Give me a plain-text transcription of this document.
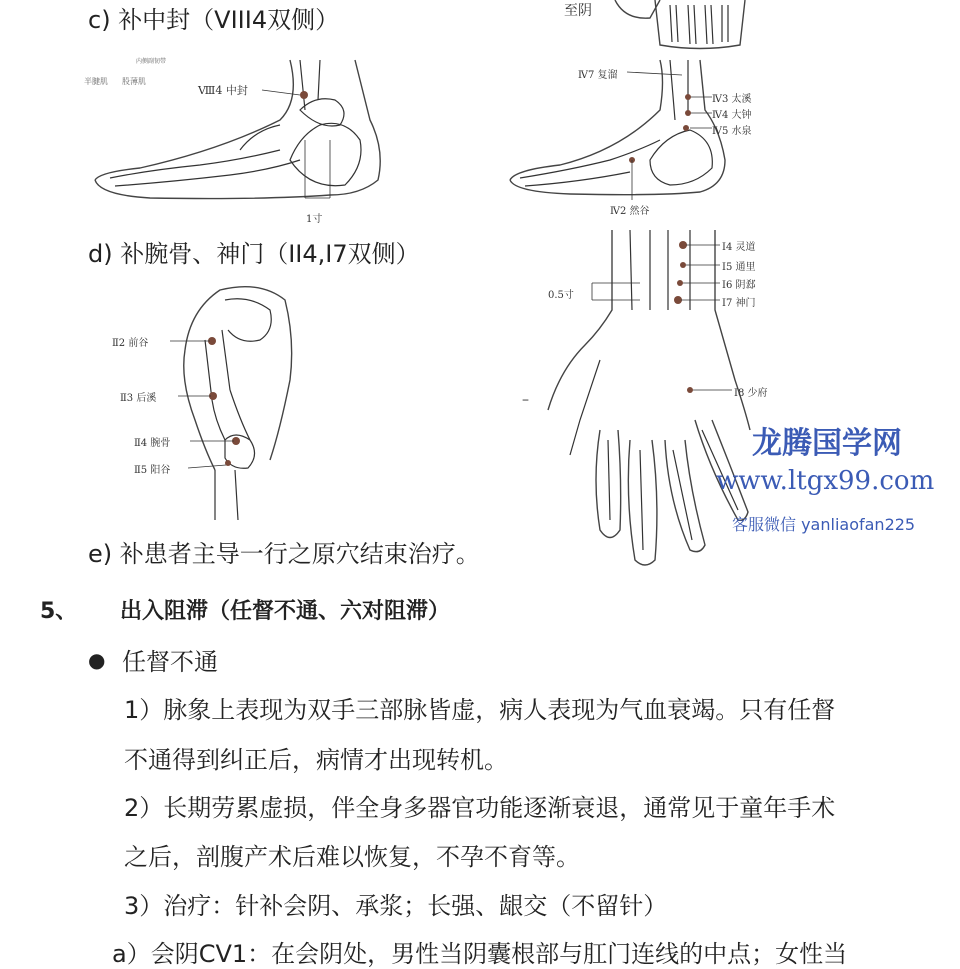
至阴
c) 补中封（VIII4双侧）
半腱肌 股薄肌
内侧副韧带
Ⅷ4 中封
1寸
Ⅳ7 复溜
Ⅳ3 太溪
Ⅳ4 大钟
Ⅳ5 水泉
Ⅳ2 然谷
d) 补腕骨、神门（II4,I7双侧）
Ⅱ2 前谷
Ⅱ3 后溪
Ⅱ4 腕骨
Ⅱ5 阳谷
Ⅰ4 灵道
Ⅰ5 通里
Ⅰ6 阴郄
Ⅰ7 神门
0.5寸
Ⅰ8 少府
–
龙腾国学网
www.ltgx99.com
客服微信 yanliaofan225
e) 补患者主导一行之原穴结束治疗。
5、 出入阻滞（任督不通、六对阻滞）
● 任督不通
1）脉象上表现为双手三部脉皆虚，病人表现为气血衰竭。只有任督
不通得到纠正后，病情才出现转机。
2）长期劳累虚损，伴全身多器官功能逐渐衰退，通常见于童年手术
之后，剖腹产术后难以恢复，不孕不育等。
3）治疗：针补会阴、承浆；长强、龈交（不留针）
a）会阴CV1：在会阴处，男性当阴囊根部与肛门连线的中点；女性当
